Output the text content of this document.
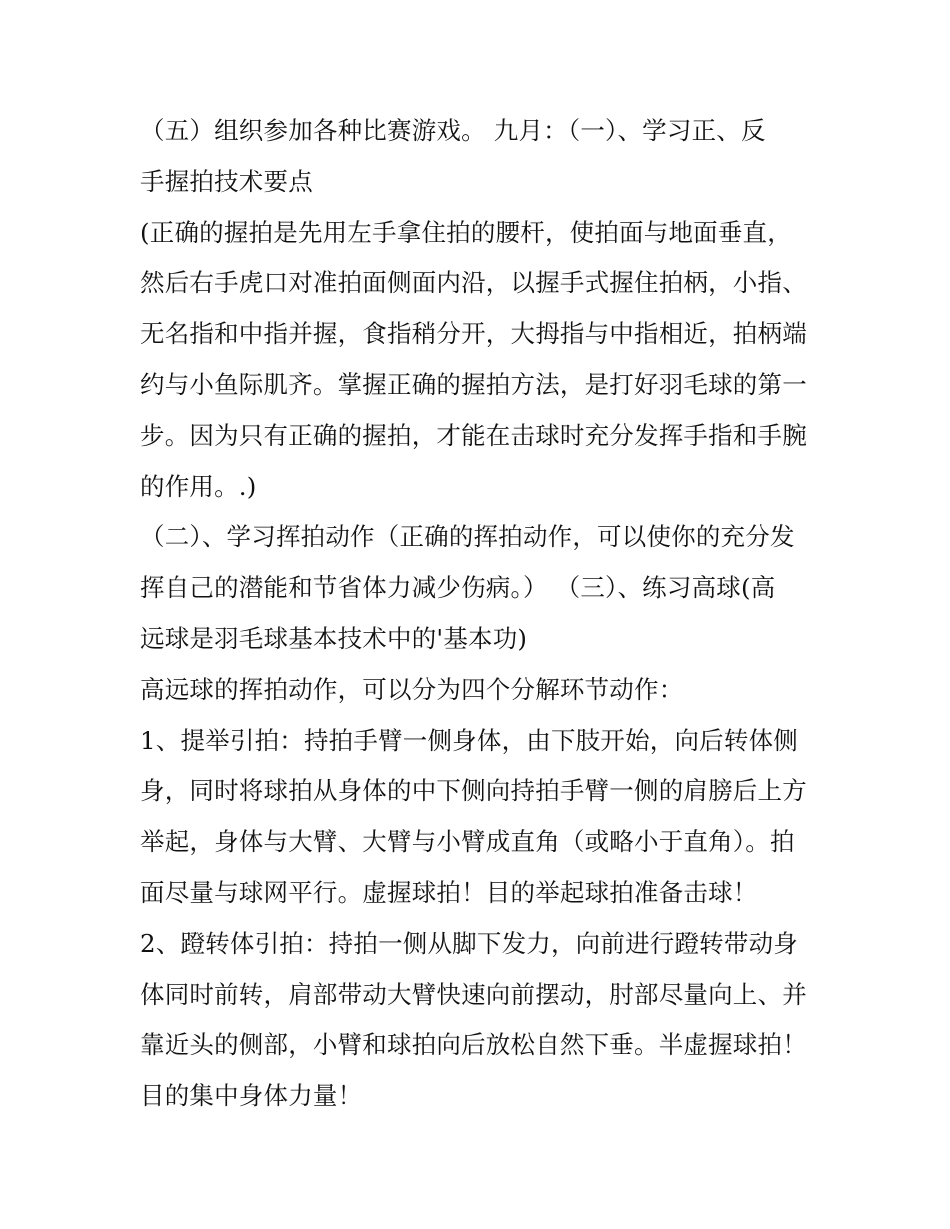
（五）组织参加各种比赛游戏。 九月：（一）、学习正、反
手握拍技术要点
(正确的握拍是先用左手拿住拍的腰杆，使拍面与地面垂直，
然后右手虎口对准拍面侧面内沿，以握手式握住拍柄，小指、
无名指和中指并握，食指稍分开，大拇指与中指相近，拍柄端
约与小鱼际肌齐。掌握正确的握拍方法，是打好羽毛球的第一
步。因为只有正确的握拍，才能在击球时充分发挥手指和手腕
的作用。.)
（二）、学习挥拍动作（正确的挥拍动作，可以使你的充分发
挥自己的潜能和节省体力减少伤病。） （三）、练习高球(高
远球是羽毛球基本技术中的'基本功)
高远球的挥拍动作，可以分为四个分解环节动作：
1、提举引拍：持拍手臂一侧身体，由下肢开始，向后转体侧
身，同时将球拍从身体的中下侧向持拍手臂一侧的肩膀后上方
举起，身体与大臂、大臂与小臂成直角（或略小于直角）。拍
面尽量与球网平行。虚握球拍！目的举起球拍准备击球！
2、蹬转体引拍：持拍一侧从脚下发力，向前进行蹬转带动身
体同时前转，肩部带动大臂快速向前摆动，肘部尽量向上、并
靠近头的侧部，小臂和球拍向后放松自然下垂。半虚握球拍！
目的集中身体力量！
